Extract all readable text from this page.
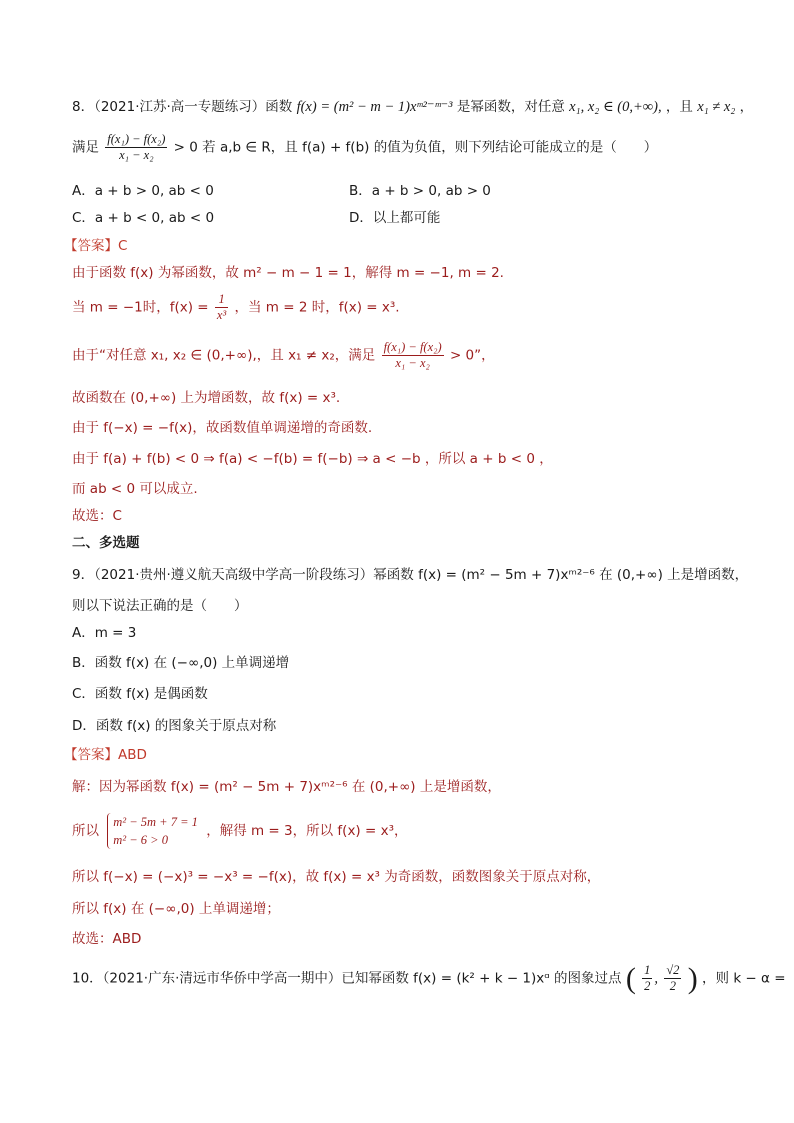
8．（2021·江苏·高一专题练习）函数 f(x) = (m² − m − 1)xᵐ²⁻ᵐ⁻³ 是幂函数，对任意 x₁, x₂ ∈ (0,+∞), ，且 x₁ ≠ x₂ ，
满足 $\frac{\text{f(x₁) − f(x₂)}}{\text{x₁ − x₂}} > 0$ 若 a,b ∈ R，且 f(a) + f(b) 的值为负值，则下列结论可能成立的是（　　）
A．a + b > 0, ab < 0	B．a + b > 0, ab > 0
C．a + b < 0, ab < 0	D．以上都可能
【答案】C
由于函数 f(x) 为幂函数，故 m² − m − 1 = 1，解得 m = −1, m = 2.
当 m = −1时，$f(x) = \frac{1}{\text{x³}}$ ，当 m = 2 时，f(x) = x³.
由于“对任意 x₁, x₂ ∈ (0,+∞),，且 x₁ ≠ x₂，满足 $\frac{\text{f(x₁) − f(x₂)}}{\text{x₁ − x₂}} > 0$”，
故函数在 (0,+∞) 上为增函数，故 f(x) = x³.
由于 f(−x) = −f(x)，故函数值单调递增的奇函数.
由于 f(a) + f(b) < 0 ⇒ f(a) < −f(b) = f(−b) ⇒ a < −b ，所以 a + b < 0 ，
而 ab < 0 可以成立.
故选：C
二、多选题
9．（2021·贵州·遵义航天高级中学高一阶段练习）幂函数 f(x) = (m² − 5m + 7)xᵐ²⁻⁶ 在 (0,+∞) 上是增函数，
则以下说法正确的是（　　）
A．m = 3
B．函数 f(x) 在 (−∞,0) 上单调递增
C．函数 f(x) 是偶函数
D．函数 f(x) 的图象关于原点对称
【答案】ABD
解：因为幂函数 f(x) = (m² − 5m + 7)xᵐ²⁻⁶ 在 (0,+∞) 上是增函数，
所以
m² − 5m + 7 = 1
m² − 6 > 0
，解得 m = 3，所以 f(x) = x³，
所以 f(−x) = (−x)³ = −x³ = −f(x)，故 f(x) = x³ 为奇函数，函数图象关于原点对称，
所以 f(x) 在 (−∞,0) 上单调递增；
故选：ABD
10．（2021·广东·清远市华侨中学高一期中）已知幂函数 f(x) = (k² + k − 1)xᵅ 的图象过点 ( $\frac{1}{2}$ , $\frac{√2}{2}$ ) ，则 k − α =
